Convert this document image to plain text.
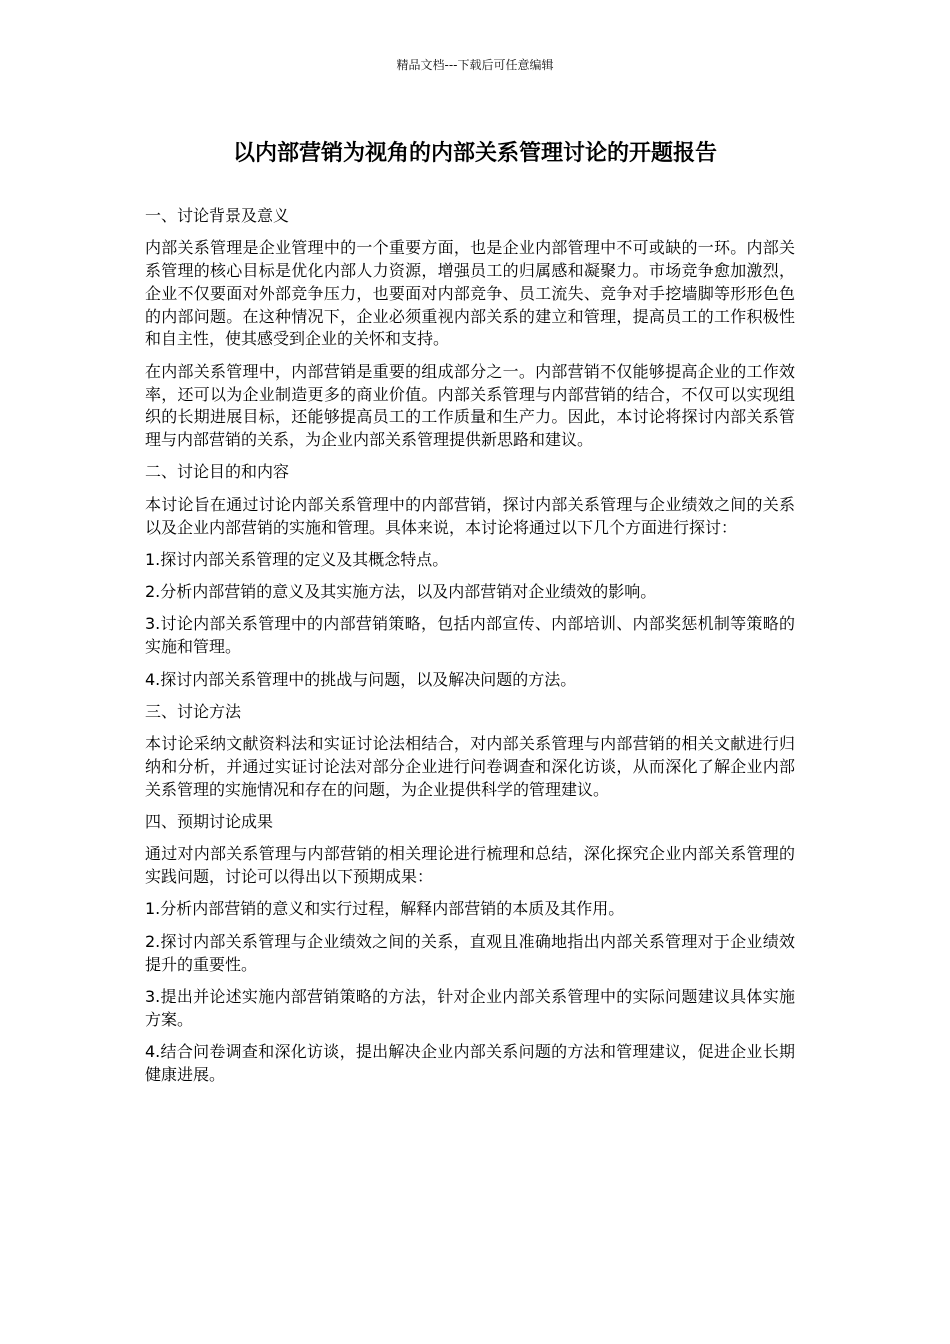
精品文档---下载后可任意编辑
以内部营销为视角的内部关系管理讨论的开题报告

一、讨论背景及意义

内部关系管理是企业管理中的一个重要方面，也是企业内部管理中不可或缺的一环。内部关系管理的核心目标是优化内部人力资源，增强员工的归属感和凝聚力。市场竞争愈加激烈，企业不仅要面对外部竞争压力，也要面对内部竞争、员工流失、竞争对手挖墙脚等形形色色的内部问题。在这种情况下，企业必须重视内部关系的建立和管理，提高员工的工作积极性和自主性，使其感受到企业的关怀和支持。

在内部关系管理中，内部营销是重要的组成部分之一。内部营销不仅能够提高企业的工作效率，还可以为企业制造更多的商业价值。内部关系管理与内部营销的结合，不仅可以实现组织的长期进展目标，还能够提高员工的工作质量和生产力。因此，本讨论将探讨内部关系管理与内部营销的关系，为企业内部关系管理提供新思路和建议。

二、讨论目的和内容

本讨论旨在通过讨论内部关系管理中的内部营销，探讨内部关系管理与企业绩效之间的关系以及企业内部营销的实施和管理。具体来说，本讨论将通过以下几个方面进行探讨：

1.探讨内部关系管理的定义及其概念特点。

2.分析内部营销的意义及其实施方法，以及内部营销对企业绩效的影响。

3.讨论内部关系管理中的内部营销策略，包括内部宣传、内部培训、内部奖惩机制等策略的实施和管理。

4.探讨内部关系管理中的挑战与问题，以及解决问题的方法。

三、讨论方法

本讨论采纳文献资料法和实证讨论法相结合，对内部关系管理与内部营销的相关文献进行归纳和分析，并通过实证讨论法对部分企业进行问卷调查和深化访谈，从而深化了解企业内部关系管理的实施情况和存在的问题，为企业提供科学的管理建议。

四、预期讨论成果

通过对内部关系管理与内部营销的相关理论进行梳理和总结，深化探究企业内部关系管理的实践问题，讨论可以得出以下预期成果：

1.分析内部营销的意义和实行过程，解释内部营销的本质及其作用。

2.探讨内部关系管理与企业绩效之间的关系，直观且准确地指出内部关系管理对于企业绩效提升的重要性。

3.提出并论述实施内部营销策略的方法，针对企业内部关系管理中的实际问题建议具体实施方案。

4.结合问卷调查和深化访谈，提出解决企业内部关系问题的方法和管理建议，促进企业长期健康进展。
